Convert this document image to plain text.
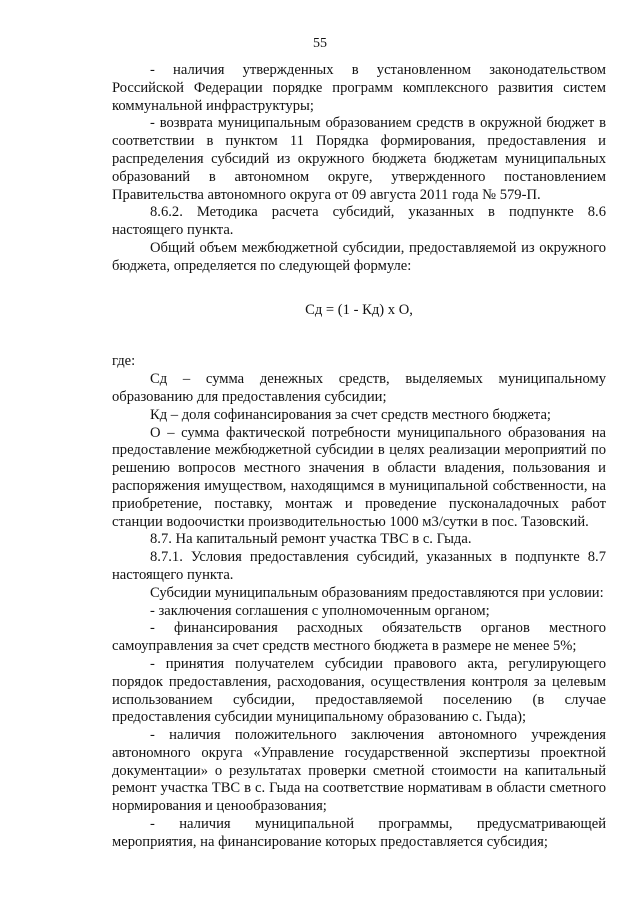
55

- наличия утвержденных в установленном законодательством Российской Федерации порядке программ комплексного развития систем коммунальной инфраструктуры;

- возврата муниципальным образованием средств в окружной бюджет в соответствии в пунктом 11 Порядка формирования, предоставления и распределения субсидий из окружного бюджета бюджетам муниципальных образований в автономном округе, утвержденного постановлением Правительства автономного округа от 09 августа 2011 года № 579-П.

8.6.2. Методика расчета субсидий, указанных в подпункте 8.6 настоящего пункта.

Общий объем межбюджетной субсидии, предоставляемой из окружного бюджета, определяется по следующей формуле:

Сд = (1 - Кд) х О,

где:

Сд – сумма денежных средств, выделяемых муниципальному образованию для предоставления субсидии;

Кд – доля софинансирования за счет средств местного бюджета;

О – сумма фактической потребности муниципального образования на предоставление межбюджетной субсидии в целях реализации мероприятий по решению вопросов местного значения в области владения, пользования и распоряжения имуществом, находящимся в муниципальной собственности, на приобретение, поставку, монтаж и проведение пусконаладочных работ станции водоочистки производительностью 1000 м3/сутки в пос. Тазовский.

8.7. На капитальный ремонт участка ТВС в с. Гыда.

8.7.1. Условия предоставления субсидий, указанных в подпункте 8.7 настоящего пункта.

Субсидии муниципальным образованиям предоставляются при условии:

- заключения соглашения с уполномоченным органом;

- финансирования расходных обязательств органов местного самоуправления за счет средств местного бюджета в размере не менее 5%;

- принятия получателем субсидии правового акта, регулирующего порядок предоставления, расходования, осуществления контроля за целевым использованием субсидии, предоставляемой поселению (в случае предоставления субсидии муниципальному образованию с. Гыда);

- наличия положительного заключения автономного учреждения автономного округа «Управление государственной экспертизы проектной документации» о результатах проверки сметной стоимости на капитальный ремонт участка ТВС в с. Гыда на соответствие нормативам в области сметного нормирования и ценообразования;

- наличия муниципальной программы, предусматривающей мероприятия, на финансирование которых предоставляется субсидия;
